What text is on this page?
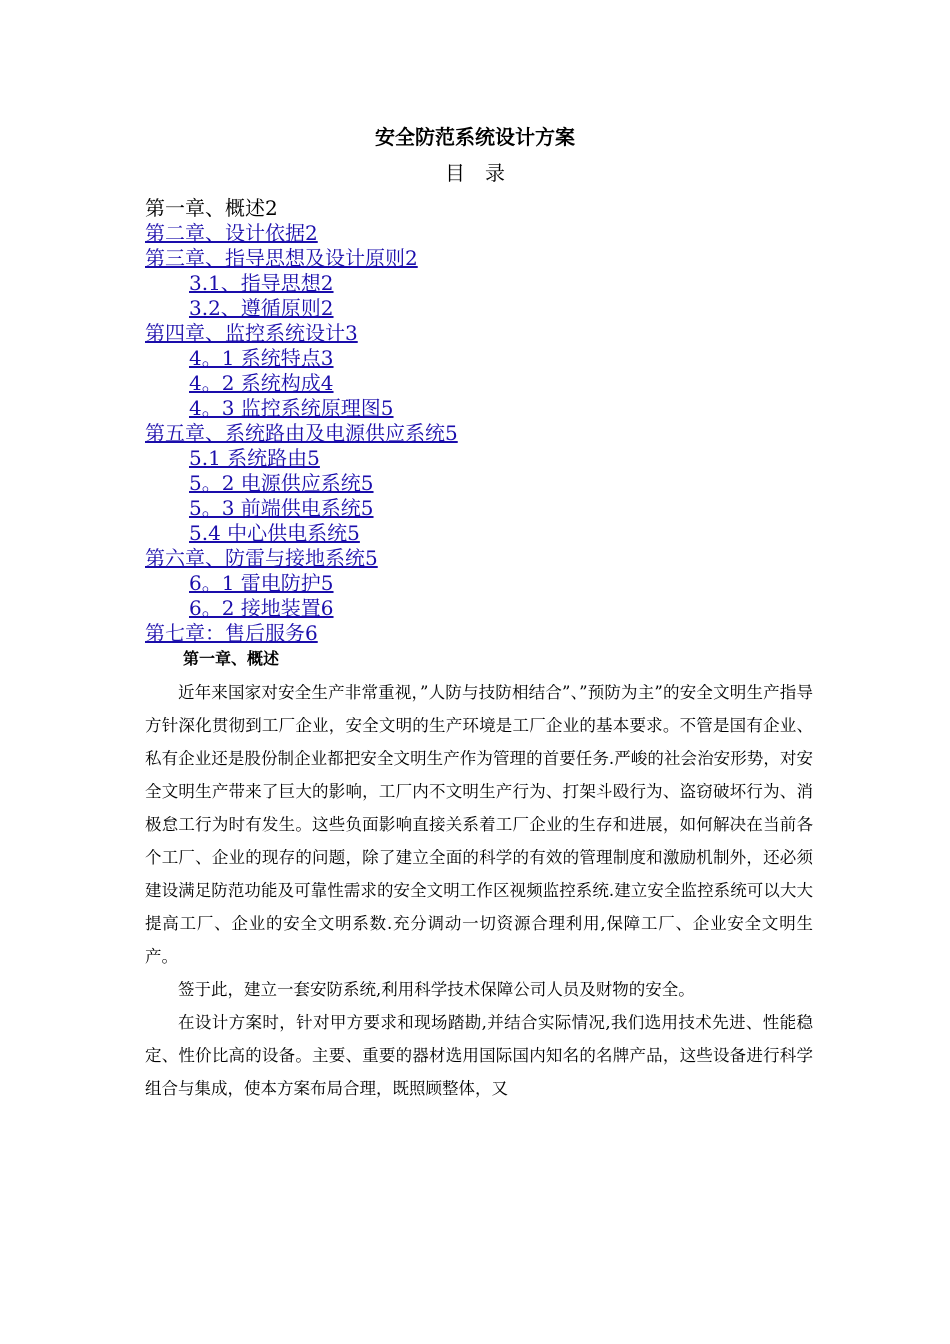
安全防范系统设计方案
目　录
第一章、概述2
第二章、设计依据2
第三章、指导思想及设计原则2
3.1、指导思想2
3.2、遵循原则2
第四章、监控系统设计3
4。1 系统特点3
4。2 系统构成4
4。3 监控系统原理图5
第五章、系统路由及电源供应系统5
5.1 系统路由5
5。2 电源供应系统5
5。3 前端供电系统5
5.4 中心供电系统5
第六章、防雷与接地系统5
6。1 雷电防护5
6。2 接地装置6
第七章：售后服务6
第一章、概述

近年来国家对安全生产非常重视，”人防与技防相结合”、”预防为主”的安全文明生产指导方针深化贯彻到工厂企业，安全文明的生产环境是工厂企业的基本要求。不管是国有企业、私有企业还是股份制企业都把安全文明生产作为管理的首要任务.严峻的社会治安形势，对安全文明生产带来了巨大的影响，工厂内不文明生产行为、打架斗殴行为、盗窃破坏行为、消极怠工行为时有发生。这些负面影响直接关系着工厂企业的生存和进展，如何解决在当前各个工厂、企业的现存的问题，除了建立全面的科学的有效的管理制度和激励机制外，还必须建设满足防范功能及可靠性需求的安全文明工作区视频监控系统.建立安全监控系统可以大大提高工厂、企业的安全文明系数.充分调动一切资源合理利用,保障工厂、企业安全文明生产。

签于此，建立一套安防系统,利用科学技术保障公司人员及财物的安全。

在设计方案时，针对甲方要求和现场踏勘,并结合实际情况,我们选用技术先进、性能稳定、性价比高的设备。主要、重要的器材选用国际国内知名的名牌产品，这些设备进行科学组合与集成，使本方案布局合理，既照顾整体，又
